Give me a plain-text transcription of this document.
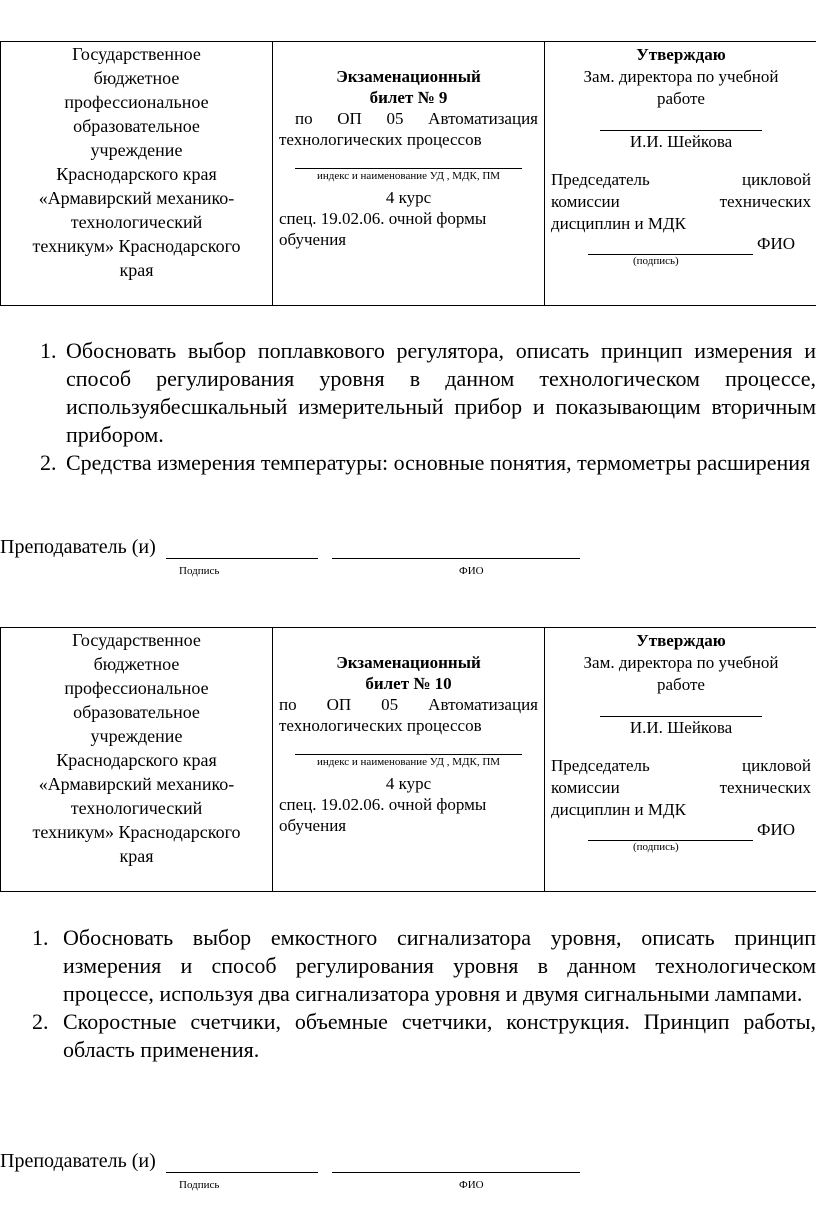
Государственное
бюджетное
профессиональное
образовательное
учреждение
Краснодарского края
«Армавирский механико-
технологический
техникум» Краснодарского
края

Экзаменационный
билет № 9
по ОП 05 Автоматизация
технологических процессов
индекс и наименование УД , МДК, ПМ
4 курс
спец. 19.02.06. очной формы
обучения

Утверждаю
Зам. директора по учебной
работе
И.И. Шейкова
Председатель цикловой
комиссии технических
дисциплин и МДК
ФИО
(подпись)
1. Обосновать выбор поплавкового регулятора, описать принцип измерения и способ регулирования уровня в данном технологическом процессе, используябесшкальный измерительный прибор и показывающим вторичным прибором.
2. Средства измерения температуры: основные понятия, термометры расширения
Преподаватель (и)
Подпись	ФИО
Государственное
бюджетное
профессиональное
образовательное
учреждение
Краснодарского края
«Армавирский механико-
технологический
техникум» Краснодарского
края

Экзаменационный
билет № 10
по ОП 05 Автоматизация
технологических процессов
индекс и наименование УД , МДК, ПМ
4 курс
спец. 19.02.06. очной формы
обучения

Утверждаю
Зам. директора по учебной
работе
И.И. Шейкова
Председатель цикловой
комиссии технических
дисциплин и МДК
ФИО
(подпись)
1. Обосновать выбор емкостного сигнализатора уровня, описать принцип измерения и способ регулирования уровня в данном технологическом процессе, используя два сигнализатора уровня и двумя сигнальными лампами.
2. Скоростные счетчики, объемные счетчики, конструкция. Принцип работы, область применения.
Преподаватель (и)
Подпись	ФИО
